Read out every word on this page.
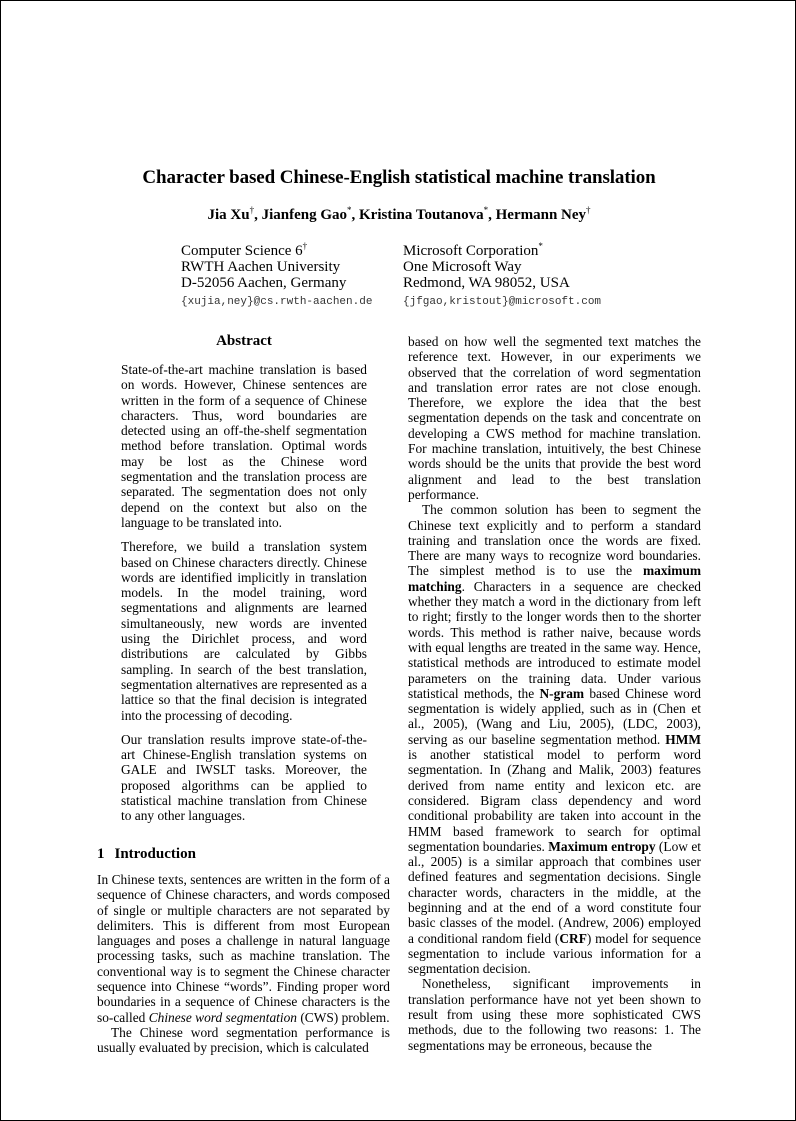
Character based Chinese-English statistical machine translation
Jia Xu†, Jianfeng Gao*, Kristina Toutanova*, Hermann Ney†
Computer Science 6†
RWTH Aachen University
D-52056 Aachen, Germany
{xujia,ney}@cs.rwth-aachen.de
Microsoft Corporation*
One Microsoft Way
Redmond, WA 98052, USA
{jfgao,kristout}@microsoft.com
Abstract

State-of-the-art machine translation is based on words. However, Chinese sentences are written in the form of a sequence of Chinese characters. Thus, word boundaries are detected using an off-the-shelf segmentation method before translation. Optimal words may be lost as the Chinese word segmentation and the translation process are separated. The segmentation does not only depend on the context but also on the language to be translated into.

Therefore, we build a translation system based on Chinese characters directly. Chinese words are identified implicitly in translation models. In the model training, word segmentations and alignments are learned simultaneously, new words are invented using the Dirichlet process, and word distributions are calculated by Gibbs sampling. In search of the best translation, segmentation alternatives are represented as a lattice so that the final decision is integrated into the processing of decoding.

Our translation results improve state-of-the-art Chinese-English translation systems on GALE and IWSLT tasks. Moreover, the proposed algorithms can be applied to statistical machine translation from Chinese to any other languages.

1 Introduction

In Chinese texts, sentences are written in the form of a sequence of Chinese characters, and words composed of single or multiple characters are not separated by delimiters. This is different from most European languages and poses a challenge in natural language processing tasks, such as machine translation. The conventional way is to segment the Chinese character sequence into Chinese “words”. Finding proper word boundaries in a sequence of Chinese characters is the so-called Chinese word segmentation (CWS) problem.

The Chinese word segmentation performance is usually evaluated by precision, which is calculated

based on how well the segmented text matches the reference text. However, in our experiments we observed that the correlation of word segmentation and translation error rates are not close enough. Therefore, we explore the idea that the best segmentation depends on the task and concentrate on developing a CWS method for machine translation. For machine translation, intuitively, the best Chinese words should be the units that provide the best word alignment and lead to the best translation performance.

The common solution has been to segment the Chinese text explicitly and to perform a standard training and translation once the words are fixed. There are many ways to recognize word boundaries. The simplest method is to use the maximum matching. Characters in a sequence are checked whether they match a word in the dictionary from left to right; firstly to the longer words then to the shorter words. This method is rather naive, because words with equal lengths are treated in the same way. Hence, statistical methods are introduced to estimate model parameters on the training data. Under various statistical methods, the N-gram based Chinese word segmentation is widely applied, such as in (Chen et al., 2005), (Wang and Liu, 2005), (LDC, 2003), serving as our baseline segmentation method. HMM is another statistical model to perform word segmentation. In (Zhang and Malik, 2003) features derived from name entity and lexicon etc. are considered. Bigram class dependency and word conditional probability are taken into account in the HMM based framework to search for optimal segmentation boundaries. Maximum entropy (Low et al., 2005) is a similar approach that combines user defined features and segmentation decisions. Single character words, characters in the middle, at the beginning and at the end of a word constitute four basic classes of the model. (Andrew, 2006) employed a conditional random field (CRF) model for sequence segmentation to include various information for a segmentation decision.

Nonetheless, significant improvements in translation performance have not yet been shown to result from using these more sophisticated CWS methods, due to the following two reasons: 1. The segmentations may be erroneous, because the
